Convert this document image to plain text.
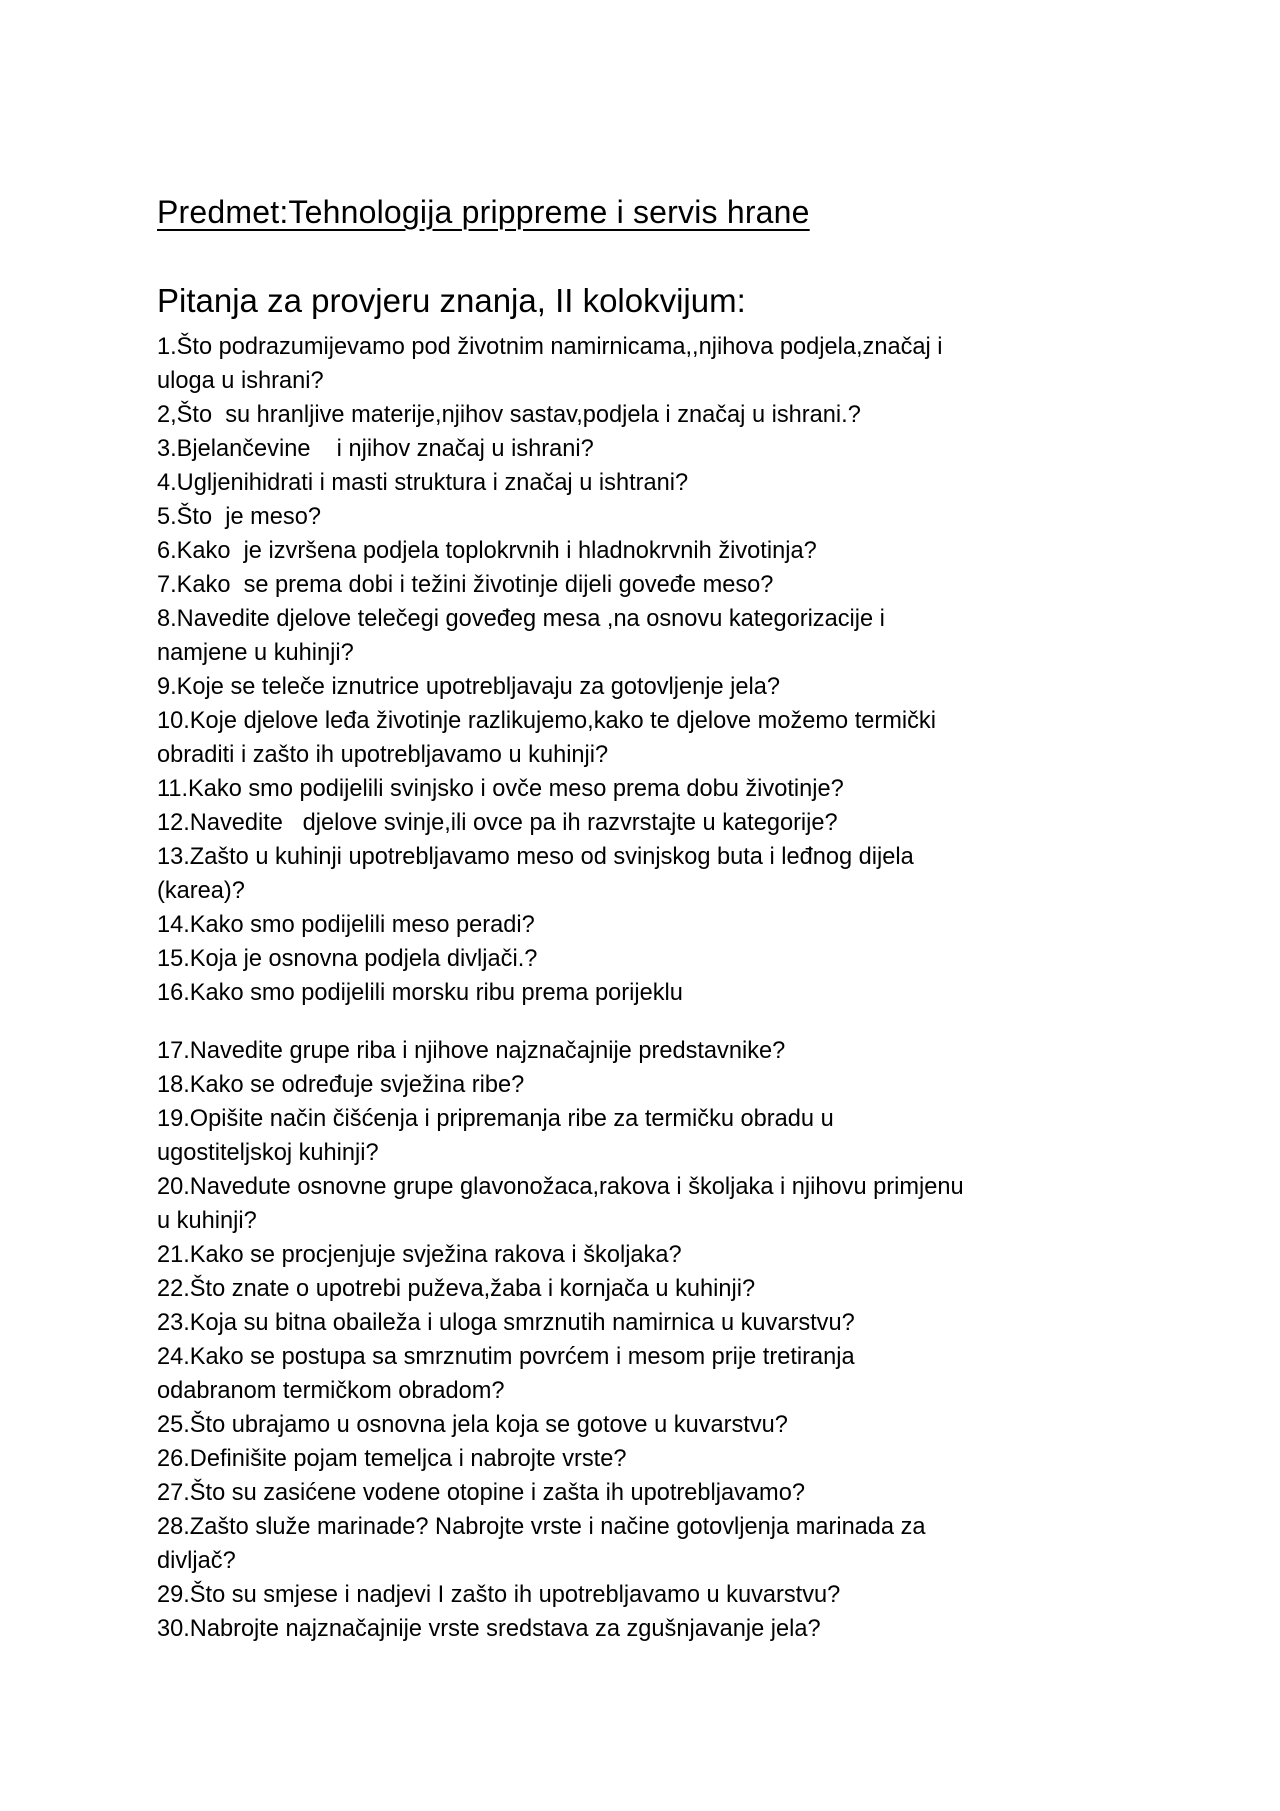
Predmet:Tehnologija prippreme i servis hrane
Pitanja za provjeru znanja, II kolokvijum:
1.Što podrazumijevamo pod životnim namirnicama,,njihova podjela,značaj i
uloga u ishrani?
2,Što  su hranljive materije,njihov sastav,podjela i značaj u ishrani.?
3.Bjelančevine    i njihov značaj u ishrani?
4.Ugljenihidrati i masti struktura i značaj u ishtrani?
5.Što  je meso?
6.Kako  je izvršena podjela toplokrvnih i hladnokrvnih životinja?
7.Kako  se prema dobi i težini životinje dijeli goveđe meso?
8.Navedite djelove telečegi goveđeg mesa ,na osnovu kategorizacije i
namjene u kuhinji?
9.Koje se teleče iznutrice upotrebljavaju za gotovljenje jela?
10.Koje djelove leđa životinje razlikujemo,kako te djelove možemo termički
obraditi i zašto ih upotrebljavamo u kuhinji?
11.Kako smo podijelili svinjsko i ovče meso prema dobu životinje?
12.Navedite   djelove svinje,ili ovce pa ih razvrstajte u kategorije?
13.Zašto u kuhinji upotrebljavamo meso od svinjskog buta i leđnog dijela
(karea)?
14.Kako smo podijelili meso peradi?
15.Koja je osnovna podjela divljači.?
16.Kako smo podijelili morsku ribu prema porijeklu
17.Navedite grupe riba i njihove najznačajnije predstavnike?
18.Kako se određuje svježina ribe?
19.Opišite način čišćenja i pripremanja ribe za termičku obradu u
ugostiteljskoj kuhinji?
20.Navedute osnovne grupe glavonožaca,rakova i školjaka i njihovu primjenu
u kuhinji?
21.Kako se procjenjuje svježina rakova i školjaka?
22.Što znate o upotrebi puževa,žaba i kornjača u kuhinji?
23.Koja su bitna obaileža i uloga smrznutih namirnica u kuvarstvu?
24.Kako se postupa sa smrznutim povrćem i mesom prije tretiranja
odabranom termičkom obradom?
25.Što ubrajamo u osnovna jela koja se gotove u kuvarstvu?
26.Definišite pojam temeljca i nabrojte vrste?
27.Što su zasićene vodene otopine i zašta ih upotrebljavamo?
28.Zašto služe marinade? Nabrojte vrste i načine gotovljenja marinada za
divljač?
29.Što su smjese i nadjevi I zašto ih upotrebljavamo u kuvarstvu?
30.Nabrojte najznačajnije vrste sredstava za zgušnjavanje jela?
